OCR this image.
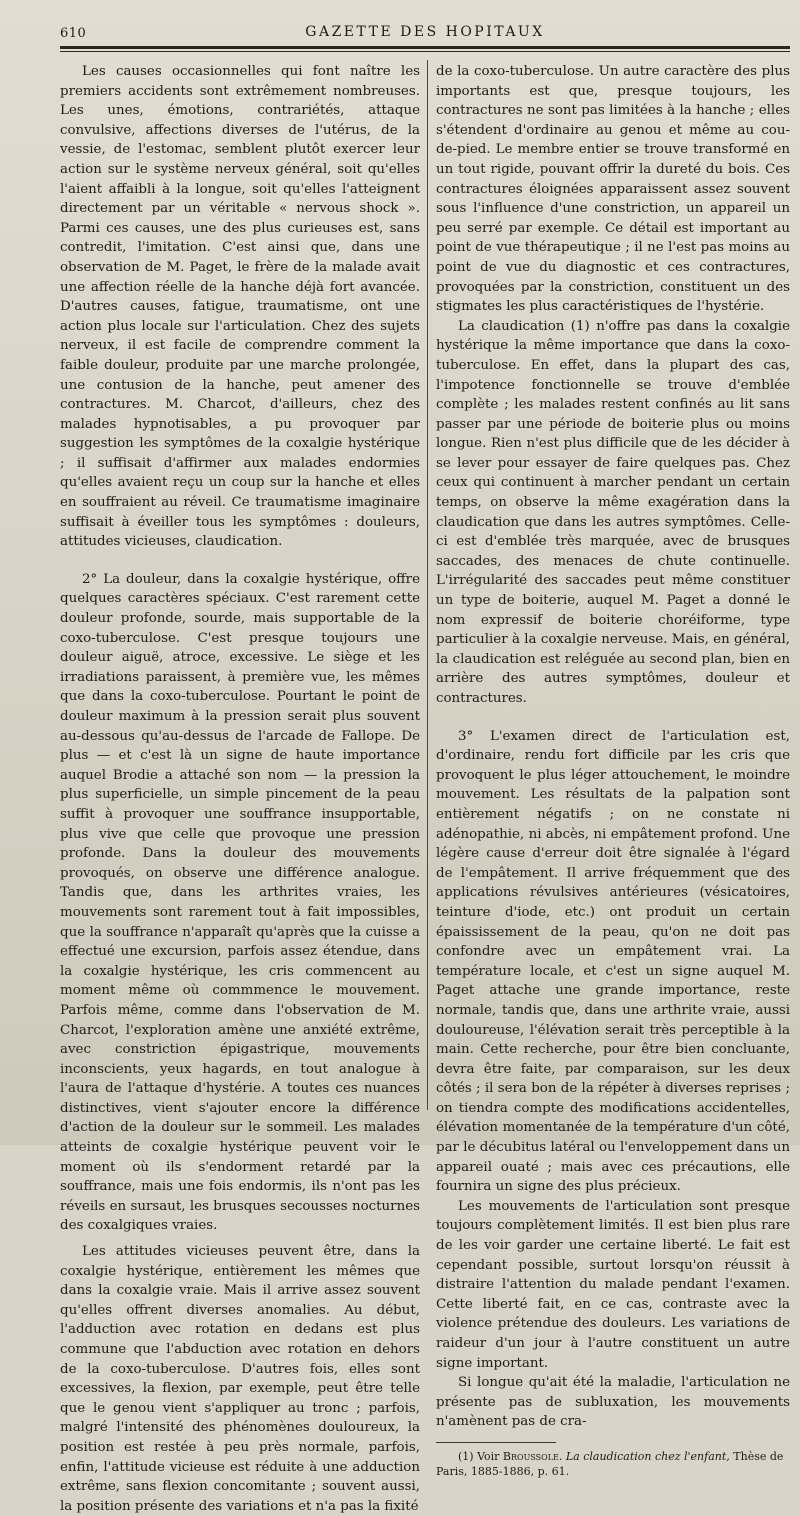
610	GAZETTE DES HOPITAUX

Les causes occasionnelles qui font naître les premiers accidents sont extrêmement nombreuses. Les unes, émotions, contrariétés, attaque convulsive, affections diverses de l'utérus, de la vessie, de l'estomac, semblent plutôt exercer leur action sur le système nerveux général, soit qu'elles l'aient affaibli à la longue, soit qu'elles l'atteignent directement par un véritable « nervous shock ». Parmi ces causes, une des plus curieuses est, sans contredit, l'imitation. C'est ainsi que, dans une observation de M. Paget, le frère de la malade avait une affection réelle de la hanche déjà fort avancée. D'autres causes, fatigue, traumatisme, ont une action plus locale sur l'articulation. Chez des sujets nerveux, il est facile de comprendre comment la faible douleur, produite par une marche prolongée, une contusion de la hanche, peut amener des contractures. M. Charcot, d'ailleurs, chez des malades hypnotisables, a pu provoquer par suggestion les symptômes de la coxalgie hystérique ; il suffisait d'affirmer aux malades endormies qu'elles avaient reçu un coup sur la hanche et elles en souffraient au réveil. Ce traumatisme imaginaire suffisait à éveiller tous les symptômes : douleurs, attitudes vicieuses, claudication.

2° La douleur, dans la coxalgie hystérique, offre quelques caractères spéciaux. C'est rarement cette douleur profonde, sourde, mais supportable de la coxo-tuberculose. C'est presque toujours une douleur aiguë, atroce, excessive. Le siège et les irradiations paraissent, à première vue, les mêmes que dans la coxo-tuberculose. Pourtant le point de douleur maximum à la pression serait plus souvent au-dessous qu'au-dessus de l'arcade de Fallope. De plus — et c'est là un signe de haute importance auquel Brodie a attaché son nom — la pression la plus superficielle, un simple pincement de la peau suffit à provoquer une souffrance insupportable, plus vive que celle que provoque une pression profonde. Dans la douleur des mouvements provoqués, on observe une différence analogue. Tandis que, dans les arthrites vraies, les mouvements sont rarement tout à fait impossibles, que la souffrance n'apparaît qu'après que la cuisse a effectué une excursion, parfois assez étendue, dans la coxalgie hystérique, les cris commencent au moment même où commmence le mouvement. Parfois même, comme dans l'observation de M. Charcot, l'exploration amène une anxiété extrême, avec constriction épigastrique, mouvements inconscients, yeux hagards, en tout analogue à l'aura de l'attaque d'hystérie. A toutes ces nuances distinctives, vient s'ajouter encore la différence d'action de la douleur sur le sommeil. Les malades atteints de coxalgie hystérique peuvent voir le moment où ils s'endorment retardé par la souffrance, mais une fois endormis, ils n'ont pas les réveils en sursaut, les brusques secousses nocturnes des coxalgiques vraies.

Les attitudes vicieuses peuvent être, dans la coxalgie hystérique, entièrement les mêmes que dans la coxalgie vraie. Mais il arrive assez souvent qu'elles offrent diverses anomalies. Au début, l'adduction avec rotation en dedans est plus commune que l'abduction avec rotation en dehors de la coxo-tuberculose. D'autres fois, elles sont excessives, la flexion, par exemple, peut être telle que le genou vient s'appliquer au tronc ; parfois, malgré l'intensité des phénomènes douloureux, la position est restée à peu près normale, parfois, enfin, l'attitude vicieuse est réduite à une adduction extrême, sans flexion concomitante ; souvent aussi, la position présente des variations et n'a pas la fixité

de la coxo-tuberculose. Un autre caractère des plus importants est que, presque toujours, les contractures ne sont pas limitées à la hanche ; elles s'étendent d'ordinaire au genou et même au cou-de-pied. Le membre entier se trouve transformé en un tout rigide, pouvant offrir la dureté du bois. Ces contractures éloignées apparaissent assez souvent sous l'influence d'une constriction, un appareil un peu serré par exemple. Ce détail est important au point de vue thérapeutique ; il ne l'est pas moins au point de vue du diagnostic et ces contractures, provoquées par la constriction, constituent un des stigmates les plus caractéristiques de l'hystérie.

La claudication (1) n'offre pas dans la coxalgie hystérique la même importance que dans la coxo-tuberculose. En effet, dans la plupart des cas, l'impotence fonctionnelle se trouve d'emblée complète ; les malades restent confinés au lit sans passer par une période de boiterie plus ou moins longue. Rien n'est plus difficile que de les décider à se lever pour essayer de faire quelques pas. Chez ceux qui continuent à marcher pendant un certain temps, on observe la même exagération dans la claudication que dans les autres symptômes. Celle-ci est d'emblée très marquée, avec de brusques saccades, des menaces de chute continuelle. L'irrégularité des saccades peut même constituer un type de boiterie, auquel M. Paget a donné le nom expressif de boiterie choréiforme, type particulier à la coxalgie nerveuse. Mais, en général, la claudication est reléguée au second plan, bien en arrière des autres symptômes, douleur et contractures.

3° L'examen direct de l'articulation est, d'ordinaire, rendu fort difficile par les cris que provoquent le plus léger attouchement, le moindre mouvement. Les résultats de la palpation sont entièrement négatifs ; on ne constate ni adénopathie, ni abcès, ni empâtement profond. Une légère cause d'erreur doit être signalée à l'égard de l'empâtement. Il arrive fréquemment que des applications révulsives antérieures (vésicatoires, teinture d'iode, etc.) ont produit un certain épaississement de la peau, qu'on ne doit pas confondre avec un empâtement vrai. La température locale, et c'est un signe auquel M. Paget attache une grande importance, reste normale, tandis que, dans une arthrite vraie, aussi douloureuse, l'élévation serait très perceptible à la main. Cette recherche, pour être bien concluante, devra être faite, par comparaison, sur les deux côtés ; il sera bon de la répéter à diverses reprises ; on tiendra compte des modifications accidentelles, élévation momentanée de la température d'un côté, par le décubitus latéral ou l'enveloppement dans un appareil ouaté ; mais avec ces précautions, elle fournira un signe des plus précieux.

Les mouvements de l'articulation sont presque toujours complètement limités. Il est bien plus rare de les voir garder une certaine liberté. Le fait est cependant possible, surtout lorsqu'on réussit à distraire l'attention du malade pendant l'examen. Cette liberté fait, en ce cas, contraste avec la violence prétendue des douleurs. Les variations de raideur d'un jour à l'autre constituent un autre signe important.

Si longue qu'ait été la maladie, l'articulation ne présente pas de subluxation, les mouvements n'amènent pas de cra-

(1) Voir Broussole. La claudication chez l'enfant, Thèse de Paris, 1885-1886, p. 61.
